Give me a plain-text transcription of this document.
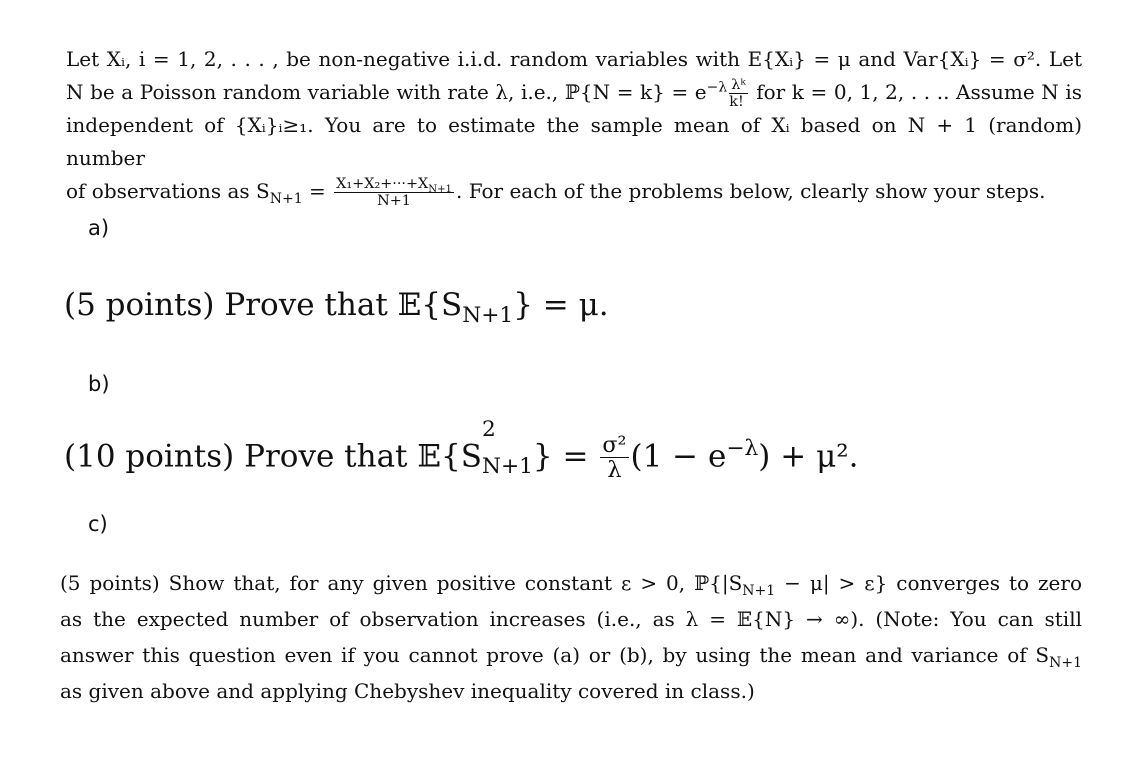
Let Xᵢ, i = 1, 2, . . . , be non-negative i.i.d. random variables with E{Xᵢ} = μ and Var{Xᵢ} = σ². Let
N be a Poisson random variable with rate λ, i.e., ℙ{N = $k\} = e^{-\lambda} \frac{\text{λᵏ}}{k!}$ for k = 0, 1, 2, . . .. Assume N is
independent of {Xᵢ}ᵢ≥₁. You are to estimate the sample mean of Xᵢ based on N + 1 (random) number
of observations as $S_{N+1} = \frac{X_1+X_2+\cdot\cdot\cdot+X_{N+1}}{N+1}$ . For each of the problems below, clearly show your steps.
a)
(5 points) Prove that $𝔼\{S_{N+1}\} = \mu$.
b)
(10 points) Prove that 𝔼{S
2
$_{N+1}\} = \frac{\text{σ²}}{\lambda} (1 - e^{-\lambda}) + \mu^2$.
c)
(5 points) Show that, for any given positive constant ε > 0, $ℙ\{|S_{N+1} - \mu| > \varepsilon\}$ converges to zero
as the expected number of observation increases (i.e., as λ = 𝔼{N} → ∞). (Note: You can still
answer this question even if you cannot prove (a) or (b), by using the mean and variance of $S_{N+1}$
as given above and applying Chebyshev inequality covered in class.)
